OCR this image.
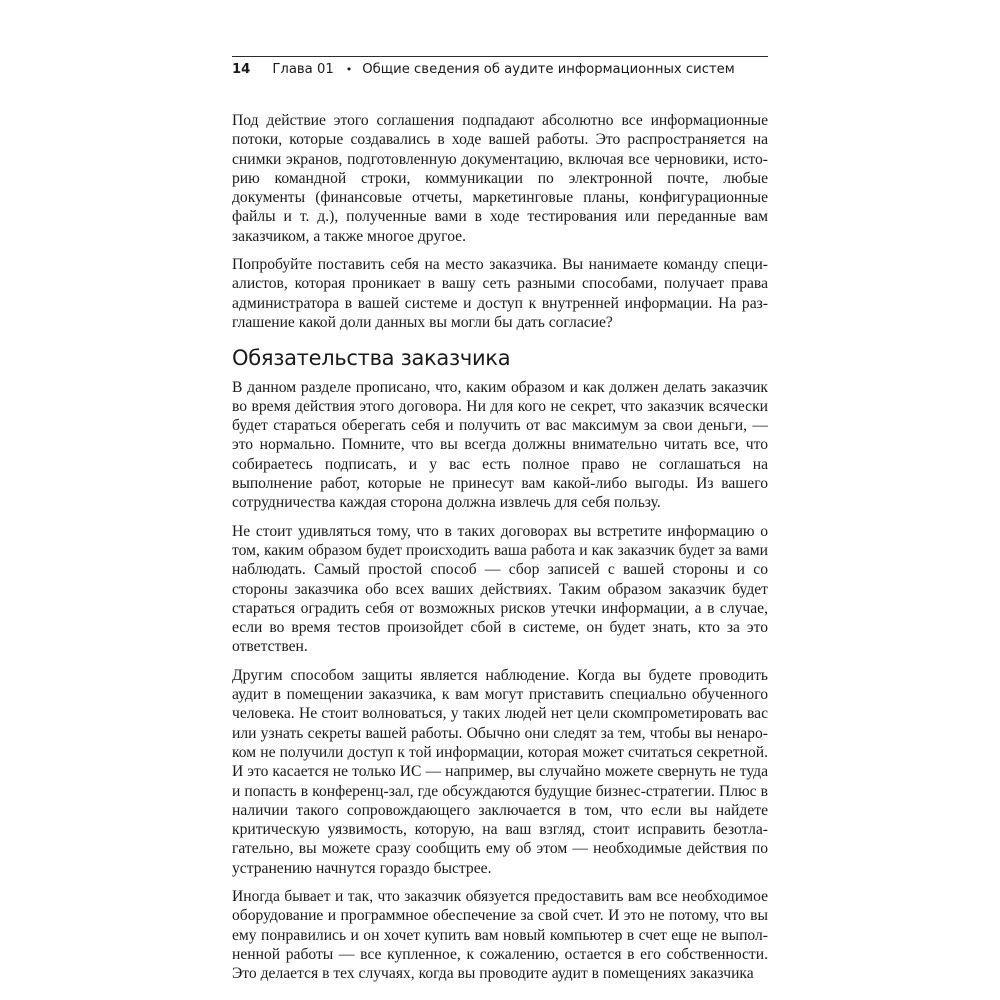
14 Глава 01 • Общие сведения об аудите информационных систем

Под действие этого соглашения подпадают абсолютно все информационные потоки, которые создавались в ходе вашей работы. Это распространяется на снимки экранов, подготовленную документацию, включая все черновики, историю командной строки, коммуникации по электронной почте, любые документы (финансовые отчеты, маркетинговые планы, конфигурационные файлы и т. д.), полученные вами в ходе тестирования или переданные вам заказчиком, а также многое другое.

Попробуйте поставить себя на место заказчика. Вы нанимаете команду специалистов, которая проникает в вашу сеть разными способами, получает права администратора в вашей системе и доступ к внутренней информации. На разглашение какой доли данных вы могли бы дать согласие?

Обязательства заказчика

В данном разделе прописано, что, каким образом и как должен делать заказчик во время действия этого договора. Ни для кого не секрет, что заказчик всячески будет стараться оберегать себя и получить от вас максимум за свои деньги, — это нормально. Помните, что вы всегда должны внимательно читать все, что собираетесь подписать, и у вас есть полное право не соглашаться на выполнение работ, которые не принесут вам какой-либо выгоды. Из вашего сотрудничества каждая сторона должна извлечь для себя пользу.

Не стоит удивляться тому, что в таких договорах вы встретите информацию о том, каким образом будет происходить ваша работа и как заказчик будет за вами наблюдать. Самый простой способ — сбор записей с вашей стороны и со стороны заказчика обо всех ваших действиях. Таким образом заказчик будет стараться оградить себя от возможных рисков утечки информации, а в случае, если во время тестов произойдет сбой в системе, он будет знать, кто за это ответствен.

Другим способом защиты является наблюдение. Когда вы будете проводить аудит в помещении заказчика, к вам могут приставить специально обученного человека. Не стоит волноваться, у таких людей нет цели скомпрометировать вас или узнать секреты вашей работы. Обычно они следят за тем, чтобы вы ненароком не получили доступ к той информации, которая может считаться секретной. И это касается не только ИС — например, вы случайно можете свернуть не туда и попасть в конференц-зал, где обсуждаются будущие бизнес-стратегии. Плюс в наличии такого сопровождающего заключается в том, что если вы найдете критическую уязвимость, которую, на ваш взгляд, стоит исправить безотлагательно, вы можете сразу сообщить ему об этом — необходимые действия по устранению начнутся гораздо быстрее.

Иногда бывает и так, что заказчик обязуется предоставить вам все необходимое оборудование и программное обеспечение за свой счет. И это не потому, что вы ему понравились и он хочет купить вам новый компьютер в счет еще не выполненной работы — все купленное, к сожалению, остается в его собственности. Это делается в тех случаях, когда вы проводите аудит в помещениях заказчика
